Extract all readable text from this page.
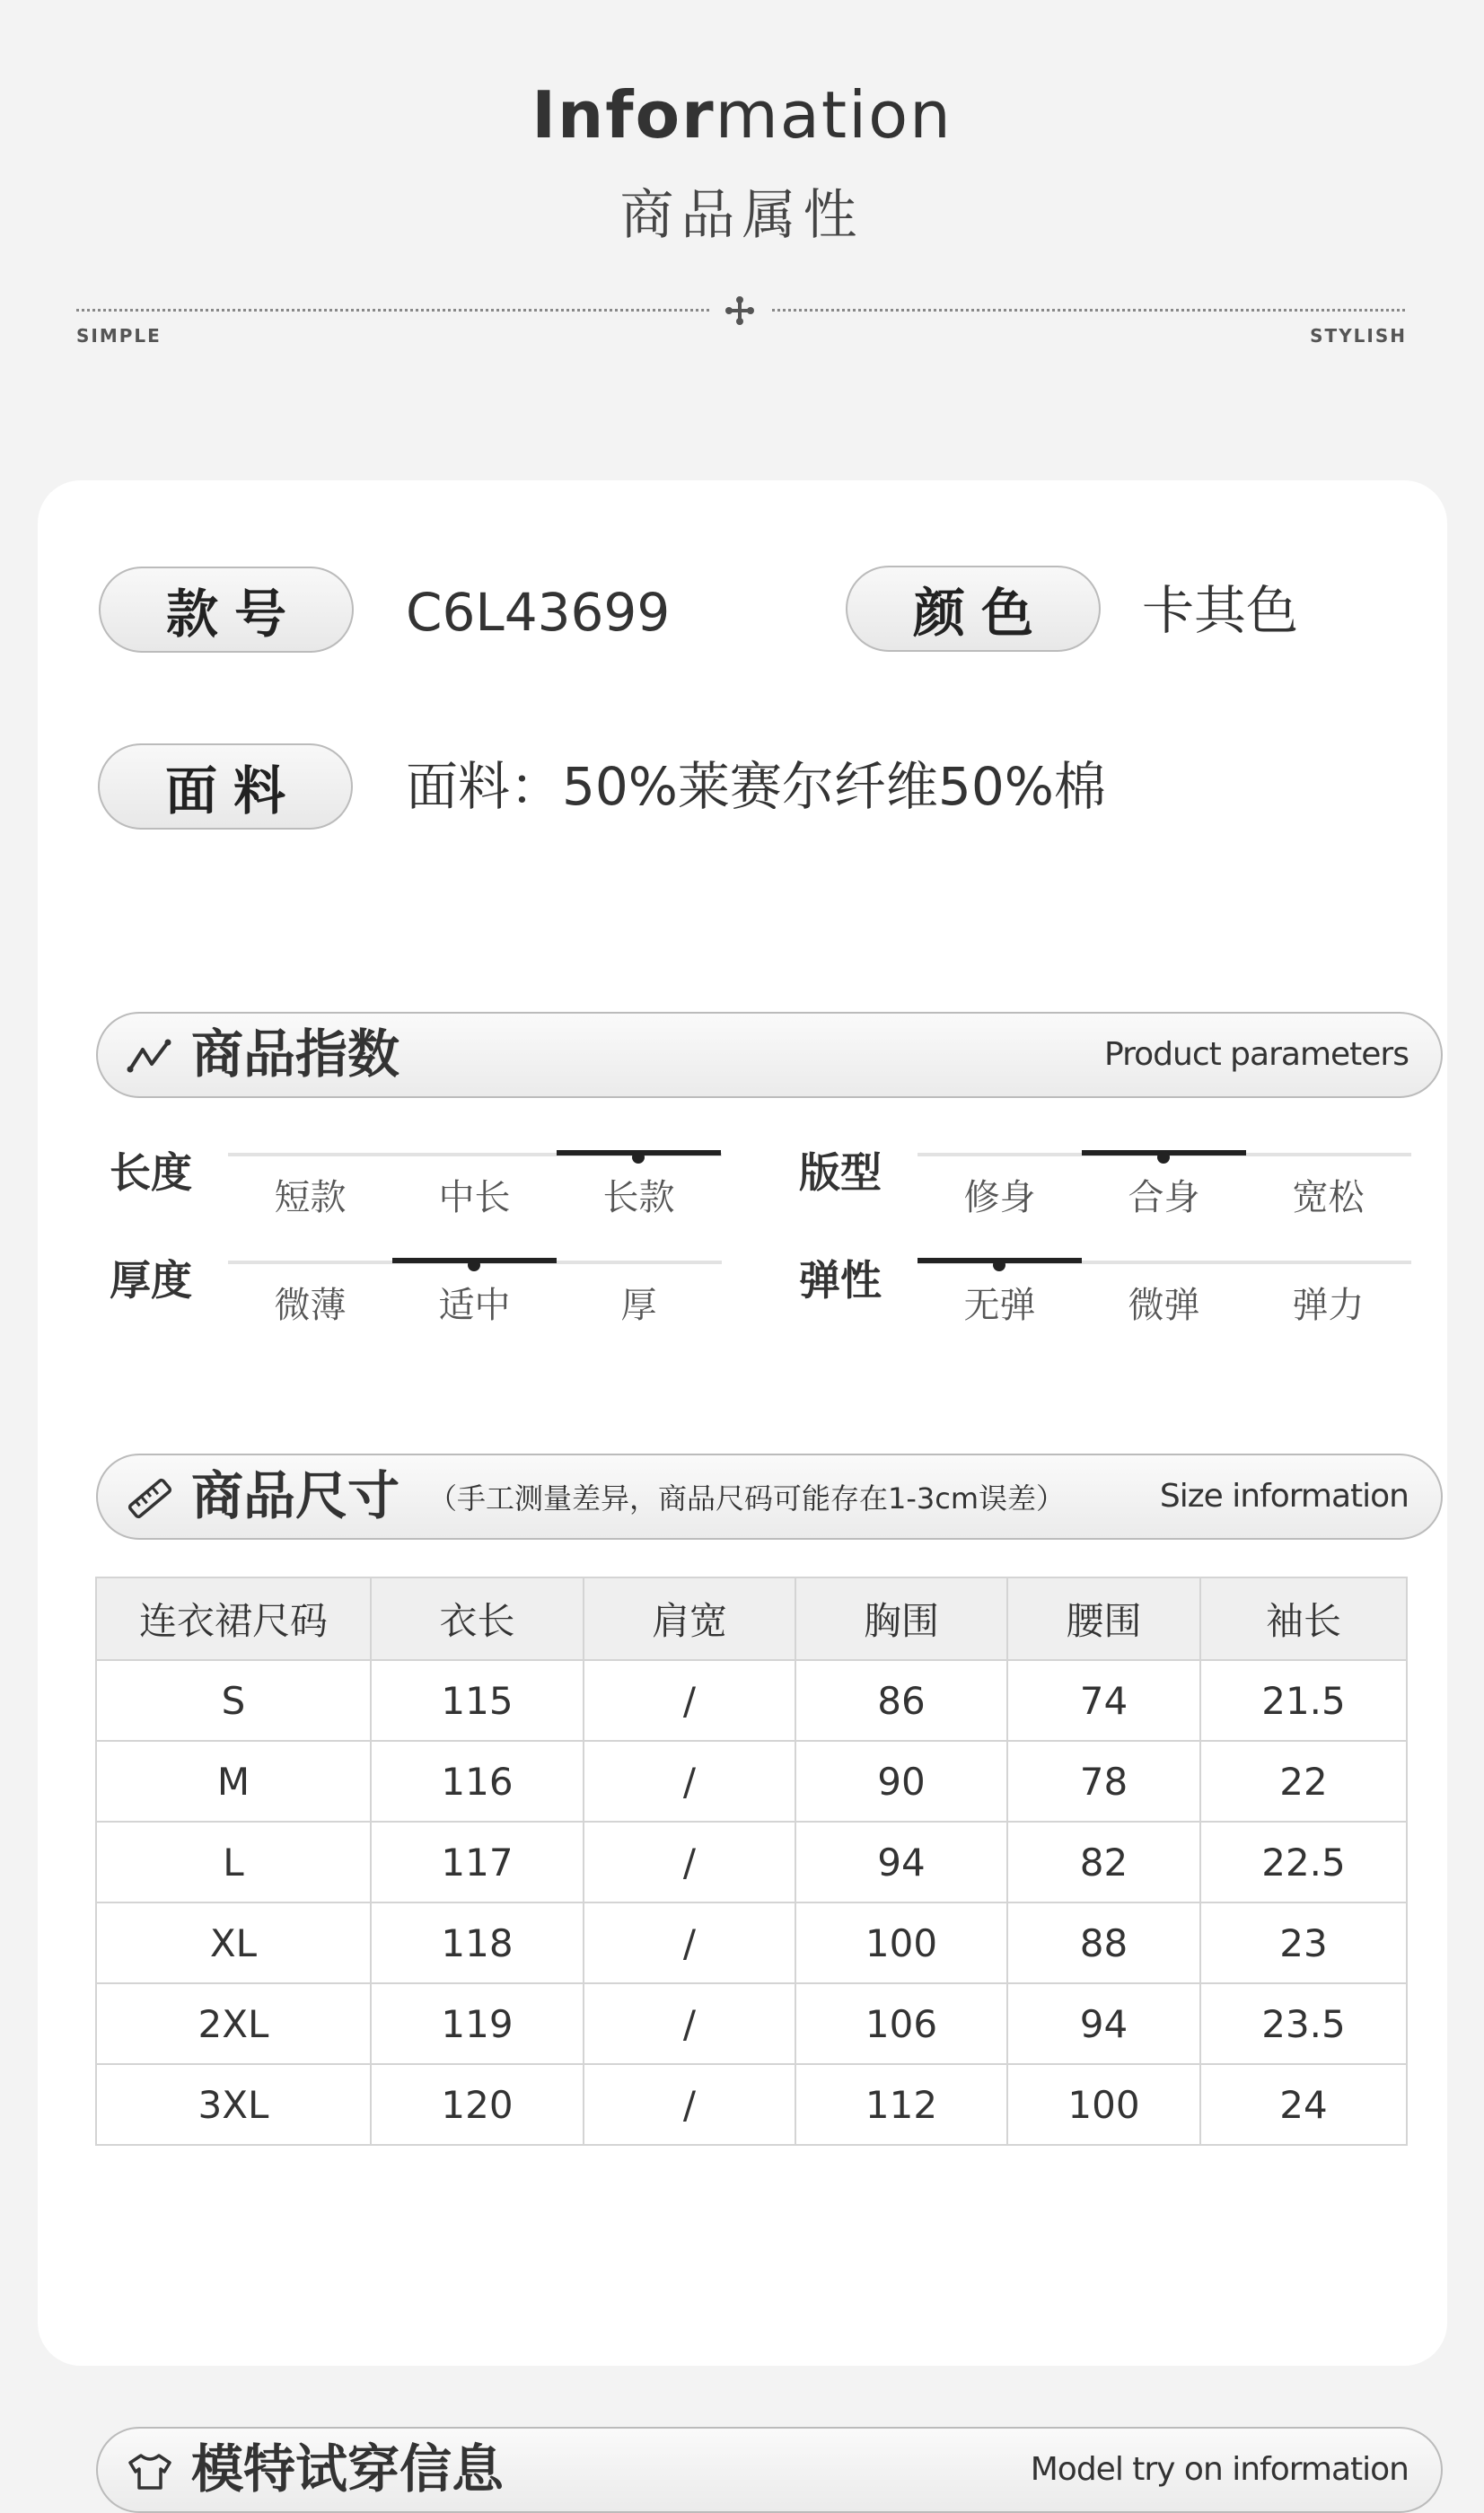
Information
商品属性
SIMPLE	STYLISH
款号	C6L43699	颜色	卡其色
面料	面料：50%莱赛尔纤维50%棉
商品指数	Product parameters
长度
短款	中长	长款
版型
修身	合身	宽松
厚度
微薄	适中	厚
弹性
无弹	微弹	弹力
商品尺寸 （手工测量差异，商品尺码可能存在1-3cm误差）	Size information
模特试穿信息	Model try on information
连衣裙尺码	衣长	肩宽	胸围	腰围	袖长
S	115	/	86	74	21.5
M	116	/	90	78	22
L	117	/	94	82	22.5
XL	118	/	100	88	23
2XL	119	/	106	94	23.5
3XL	120	/	112	100	24
